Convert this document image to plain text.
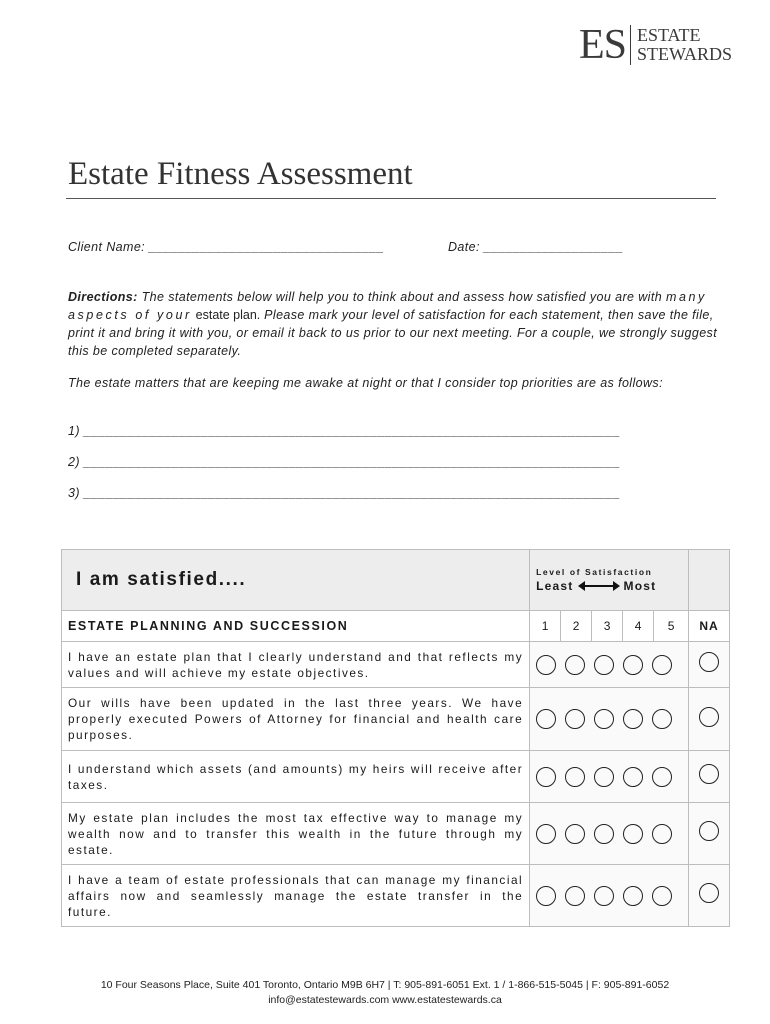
ES ESTATE
STEWARDS
Estate Fitness Assessment
Client Name: ________________________________	Date: ___________________

Directions: The statements below will help you to think about and assess how satisfied you are with many aspects of your estate plan. Please mark your level of satisfaction for each statement, then save the file, print it and bring it with you, or email it back to us prior to our next meeting. For a couple, we strongly suggest this be completed separately.

The estate matters that are keeping me awake at night or that I consider top priorities are as follows:

1) _________________________________________________________________________
2) _________________________________________________________________________
3) _________________________________________________________________________
I am satisfied....	Level of Satisfaction
Least Most					

ESTATE PLANNING AND SUCCESSION	1	2	3	4	5	NA
I have an estate plan that I clearly understand and that reflects my values and will achieve my estate objectives.					

Our wills have been updated in the last three years. We have properly executed Powers of Attorney for financial and health care purposes.					

I understand which assets (and amounts) my heirs will receive after taxes.					

My estate plan includes the most tax effective way to manage my wealth now and to transfer this wealth in the future through my estate.					

I have a team of estate professionals that can manage my financial affairs now and seamlessly manage the estate transfer in the future.					

10 Four Seasons Place, Suite 401 Toronto, Ontario M9B 6H7 | T: 905-891-6051 Ext. 1 / 1-866-515-5045 | F: 905-891-6052
info@estatestewards.com www.estatestewards.ca
